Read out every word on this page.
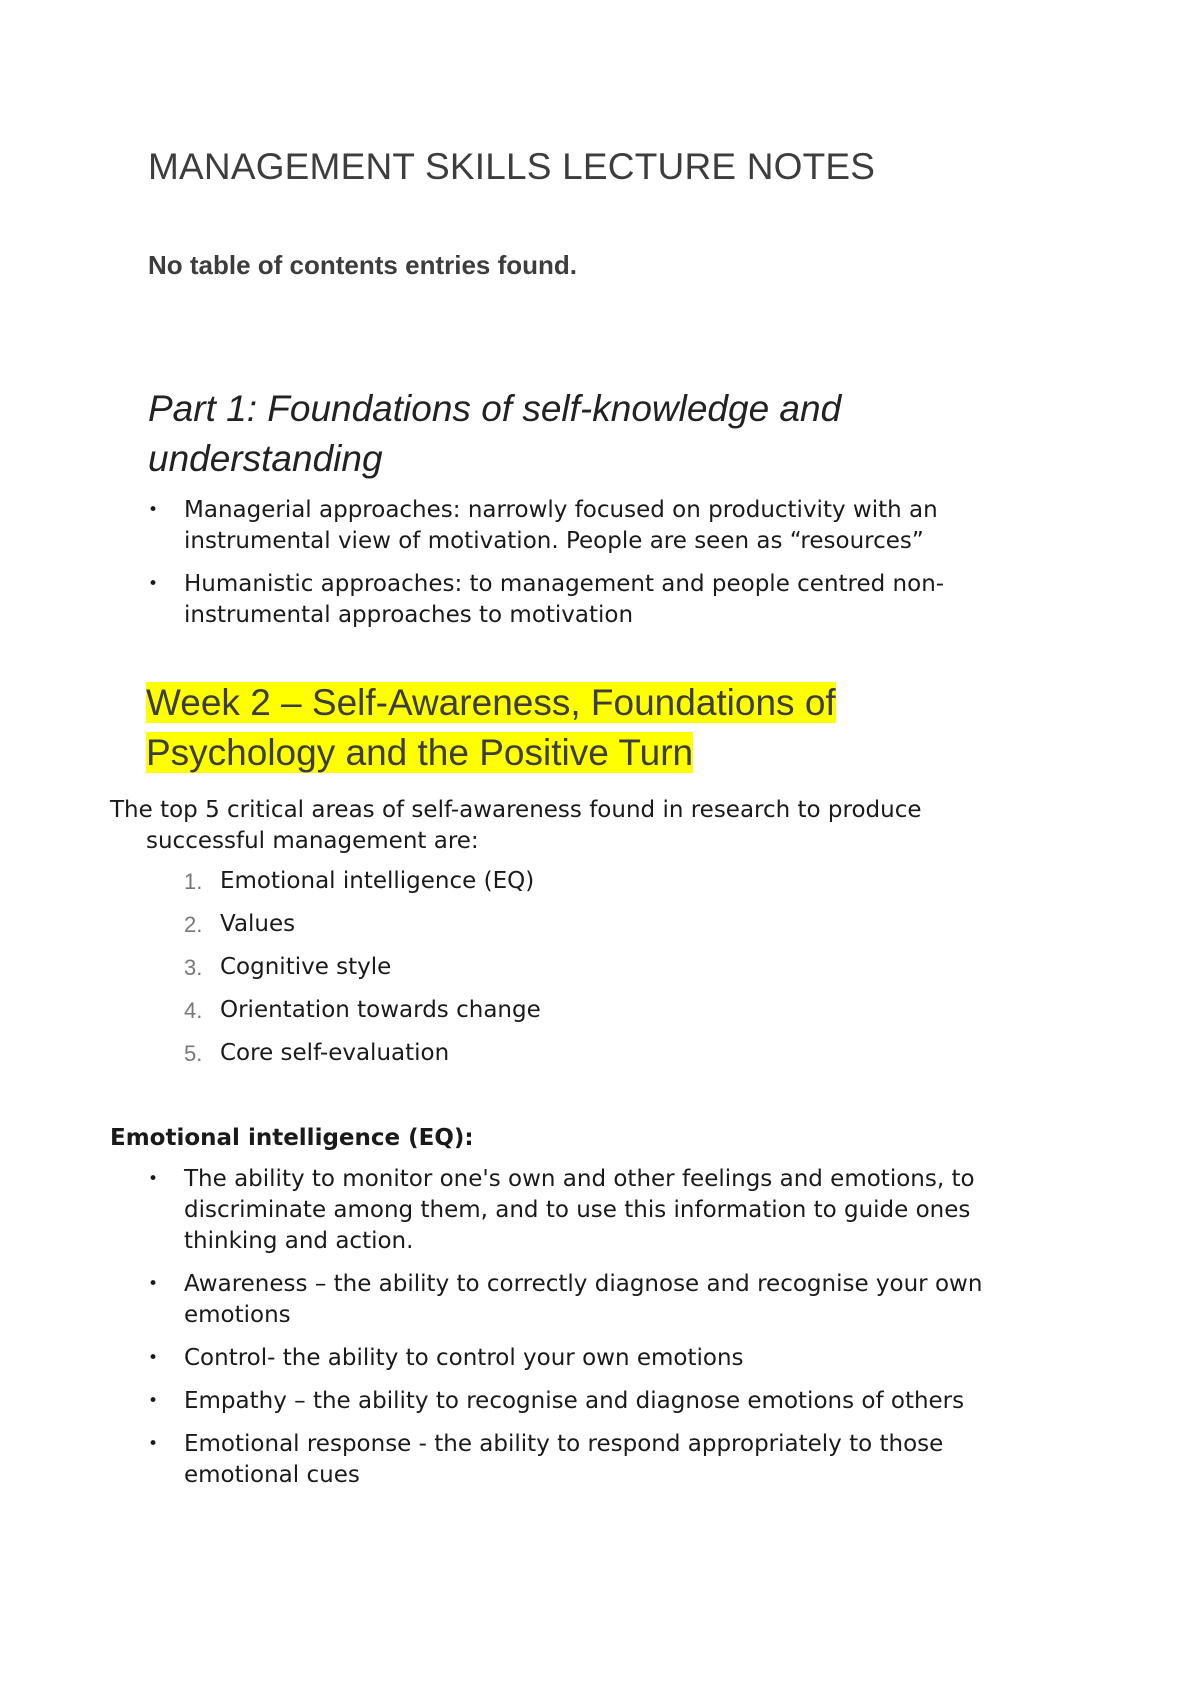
MANAGEMENT SKILLS LECTURE NOTES
No table of contents entries found.
Part 1: Foundations of self-knowledge and understanding
• Managerial approaches: narrowly focused on productivity with an instrumental view of motivation. People are seen as “resources”
• Humanistic approaches: to management and people centred non-instrumental approaches to motivation
Week 2 – Self-Awareness, Foundations of Psychology and the Positive Turn
The top 5 critical areas of self-awareness found in research to produce successful management are:
1. Emotional intelligence (EQ)
2. Values
3. Cognitive style
4. Orientation towards change
5. Core self-evaluation
Emotional intelligence (EQ):
• The ability to monitor one's own and other feelings and emotions, to discriminate among them, and to use this information to guide ones thinking and action.
• Awareness – the ability to correctly diagnose and recognise your own emotions
• Control- the ability to control your own emotions
• Empathy – the ability to recognise and diagnose emotions of others
• Emotional response - the ability to respond appropriately to those emotional cues
